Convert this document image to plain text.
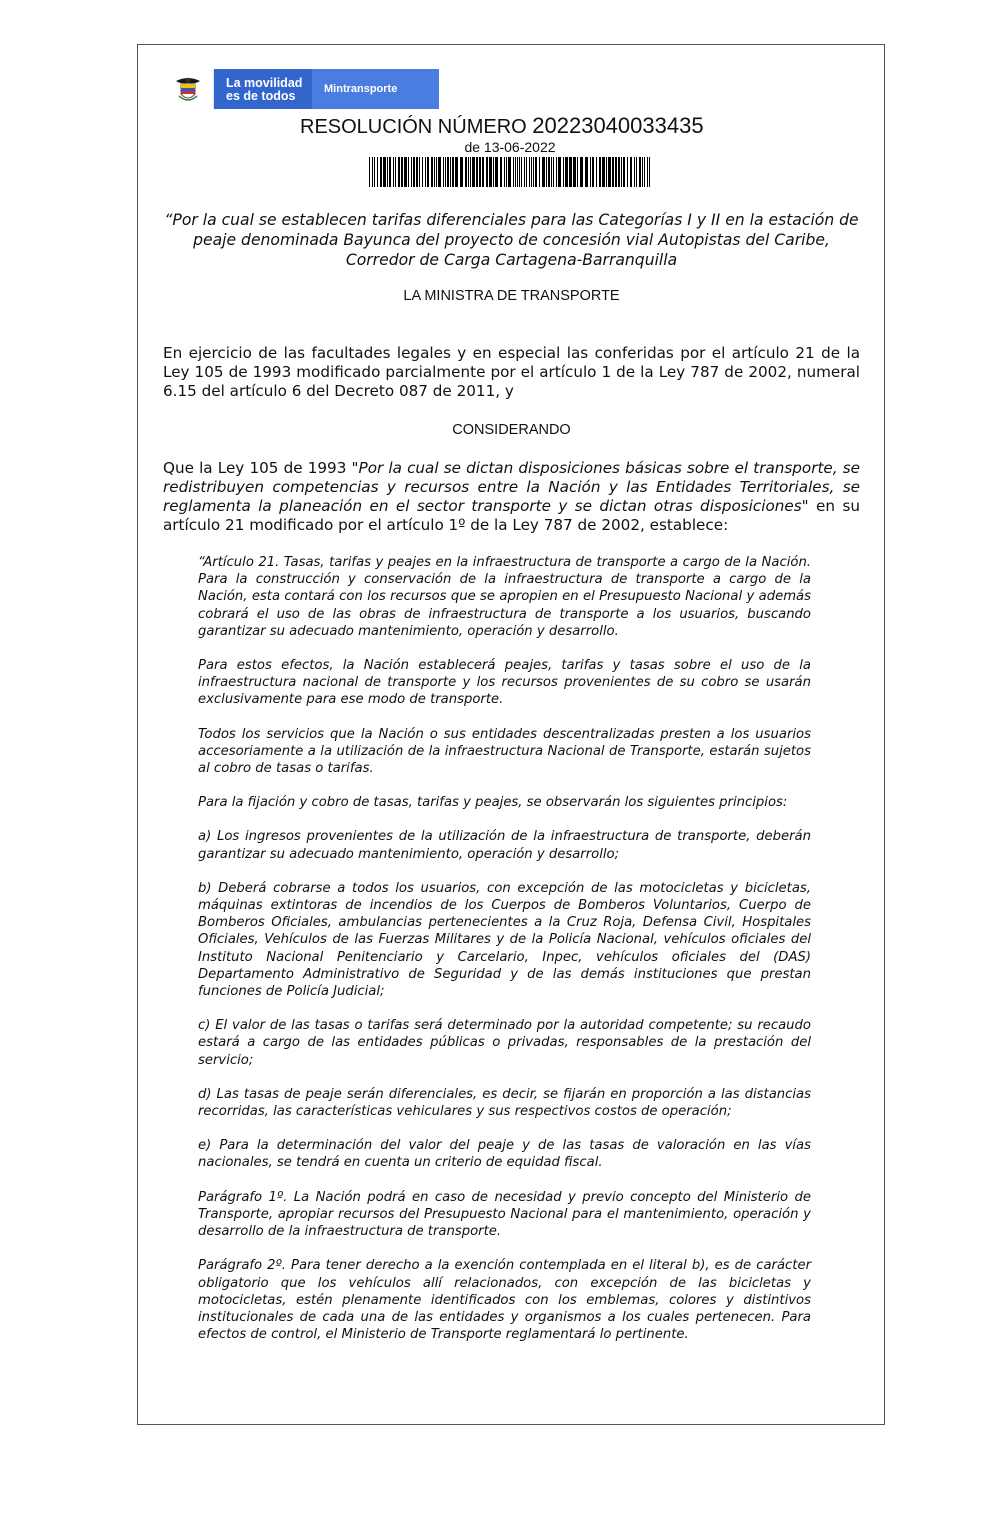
La movilidad
es de todos	Mintransporte
RESOLUCIÓN NÚMERO 20223040033435
de 13-06-2022
“Por la cual se establecen tarifas diferenciales para las Categorías I y II en la estación de peaje denominada Bayunca del proyecto de concesión vial Autopistas del Caribe, Corredor de Carga Cartagena-Barranquilla
LA MINISTRA DE TRANSPORTE
En ejercicio de las facultades legales y en especial las conferidas por el artículo 21 de la Ley 105 de 1993 modificado parcialmente por el artículo 1 de la Ley 787 de 2002, numeral 6.15 del artículo 6 del Decreto 087 de 2011, y
CONSIDERANDO
Que la Ley 105 de 1993 "Por la cual se dictan disposiciones básicas sobre el transporte, se redistribuyen competencias y recursos entre la Nación y las Entidades Territoriales, se reglamenta la planeación en el sector transporte y se dictan otras disposiciones" en su artículo 21 modificado por el artículo 1º de la Ley 787 de 2002, establece:

“Artículo 21. Tasas, tarifas y peajes en la infraestructura de transporte a cargo de la Nación. Para la construcción y conservación de la infraestructura de transporte a cargo de la Nación, esta contará con los recursos que se apropien en el Presupuesto Nacional y además cobrará el uso de las obras de infraestructura de transporte a los usuarios, buscando garantizar su adecuado mantenimiento, operación y desarrollo.

Para estos efectos, la Nación establecerá peajes, tarifas y tasas sobre el uso de la infraestructura nacional de transporte y los recursos provenientes de su cobro se usarán exclusivamente para ese modo de transporte.

Todos los servicios que la Nación o sus entidades descentralizadas presten a los usuarios accesoriamente a la utilización de la infraestructura Nacional de Transporte, estarán sujetos al cobro de tasas o tarifas.

Para la fijación y cobro de tasas, tarifas y peajes, se observarán los siguientes principios:

a) Los ingresos provenientes de la utilización de la infraestructura de transporte, deberán garantizar su adecuado mantenimiento, operación y desarrollo;

b) Deberá cobrarse a todos los usuarios, con excepción de las motocicletas y bicicletas, máquinas extintoras de incendios de los Cuerpos de Bomberos Voluntarios, Cuerpo de Bomberos Oficiales, ambulancias pertenecientes a la Cruz Roja, Defensa Civil, Hospitales Oficiales, Vehículos de las Fuerzas Militares y de la Policía Nacional, vehículos oficiales del Instituto Nacional Penitenciario y Carcelario, Inpec, vehículos oficiales del (DAS) Departamento Administrativo de Seguridad y de las demás instituciones que prestan funciones de Policía Judicial;

c) El valor de las tasas o tarifas será determinado por la autoridad competente; su recaudo estará a cargo de las entidades públicas o privadas, responsables de la prestación del servicio;

d) Las tasas de peaje serán diferenciales, es decir, se fijarán en proporción a las distancias recorridas, las características vehiculares y sus respectivos costos de operación;

e) Para la determinación del valor del peaje y de las tasas de valoración en las vías nacionales, se tendrá en cuenta un criterio de equidad fiscal.

Parágrafo 1º. La Nación podrá en caso de necesidad y previo concepto del Ministerio de Transporte, apropiar recursos del Presupuesto Nacional para el mantenimiento, operación y desarrollo de la infraestructura de transporte.

Parágrafo 2º. Para tener derecho a la exención contemplada en el literal b), es de carácter obligatorio que los vehículos allí relacionados, con excepción de las bicicletas y motocicletas, estén plenamente identificados con los emblemas, colores y distintivos institucionales de cada una de las entidades y organismos a los cuales pertenecen. Para efectos de control, el Ministerio de Transporte reglamentará lo pertinente.
